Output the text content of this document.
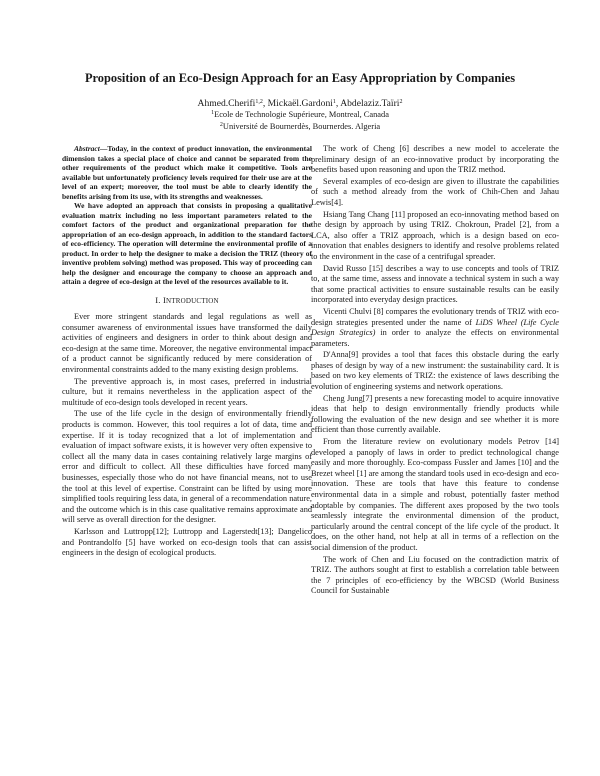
Proposition of an Eco-Design Approach for an Easy Appropriation by Companies
Ahmed.Cherifi$^{1,2}$, Mickaël.Gardoni$^1$, Abdelaziz.Taïri$^2$
$^1$Ecole de Technologie Supérieure, Montreal, Canada
$^2$Université de Bournerdès, Bournerdes. Algeria

Abstract—Today, in the context of product innovation, the environmental dimension takes a special place of choice and cannot be separated from the other requirements of the product which make it competitive. Tools are available but unfortunately proficiency levels required for their use are at the level of an expert; moreover, the tool must be able to clearly identify the benefits arising from its use, with its strengths and weaknesses.

We have adopted an approach that consists in proposing a qualitative evaluation matrix including no less important parameters related to the comfort factors of the product and organizational preparation for the appropriation of an eco-design approach, in addition to the standard factors of eco-efficiency. The operation will determine the environmental profile of a product. In order to help the designer to make a decision the TRIZ (theory of inventive problem solving) method was proposed. This way of proceeding can help the designer and encourage the company to choose an approach and attain a degree of eco-design at the level of the resources available to it.

I. INTRODUCTION

Ever more stringent standards and legal regulations as well as consumer awareness of environmental issues have transformed the daily activities of engineers and designers in order to think about design and eco-design at the same time. Moreover, the negative environmental impact of a product cannot be significantly reduced by mere consideration of environmental constraints added to the many existing design problems.

The preventive approach is, in most cases, preferred in industrial culture, but it remains nevertheless in the application aspect of the multitude of eco-design tools developed in recent years.

The use of the life cycle in the design of environmentally friendly products is common. However, this tool requires a lot of data, time and expertise. If it is today recognized that a lot of implementation and evaluation of impact software exists, it is however very often expensive to collect all the many data in cases containing relatively large margins of error and difficult to collect. All these difficulties have forced many businesses, especially those who do not have financial means, not to use the tool at this level of expertise. Constraint can be lifted by using more simplified tools requiring less data, in general of a recommendation nature, and the outcome which is in this case qualitative remains approximate and will serve as overall direction for the designer.

Karlsson and Luttropp[12]; Luttropp and Lagerstedt[13]; Dangelico and Pontrandolfo [5] have worked on eco-design tools that can assist engineers in the design of ecological products.

The work of Cheng [6] describes a new model to accelerate the preliminary design of an eco-innovative product by incorporating the benefits based upon reasoning and upon the TRIZ method.

Several examples of eco-design are given to illustrate the capabilities of such a method already from the work of Chih-Chen and Jahau Lewis[4].

Hsiang Tang Chang [11] proposed an eco-innovating method based on the design by approach by using TRIZ. Chokroun, Pradel [2], from a LCA, also offer a TRIZ approach, which is a design based on eco-innovation that enables designers to identify and resolve problems related to the environment in the case of a centrifugal spreader.

David Russo [15] describes a way to use concepts and tools of TRIZ to, at the same time, assess and innovate a technical system in such a way that some practical activities to ensure sustainable results can be easily incorporated into everyday design practices.

Vicenti Chulvi [8] compares the evolutionary trends of TRIZ with eco-design strategies presented under the name of LiDS Wheel (Life Cycle Design Strategics) in order to analyze the effects on environmental parameters.

D'Anna[9] provides a tool that faces this obstacle during the early phases of design by way of a new instrument: the sustainability card. It is based on two key elements of TRIZ: the existence of laws describing the evolution of engineering systems and network operations.

Cheng Jung[7] presents a new forecasting model to acquire innovative ideas that help to design environmentally friendly products while following the evaluation of the new design and see whether it is more efficient than those currently available.

From the literature review on evolutionary models Petrov [14] developed a panoply of laws in order to predict technological change easily and more thoroughly. Eco-compass Fussler and James [10] and the Brezet wheel [1] are among the standard tools used in eco-design and eco-innovation. These are tools that have this feature to condense environmental data in a simple and robust, potentially faster method adoptable by companies. The different axes proposed by the two tools seamlessly integrate the environmental dimension of the product, particularly around the central concept of the life cycle of the product. It does, on the other hand, not help at all in terms of a reflection on the social dimension of the product.

The work of Chen and Liu focused on the contradiction matrix of TRIZ. The authors sought at first to establish a correlation table between the 7 principles of eco-efficiency by the WBCSD (World Business Council for Sustainable
